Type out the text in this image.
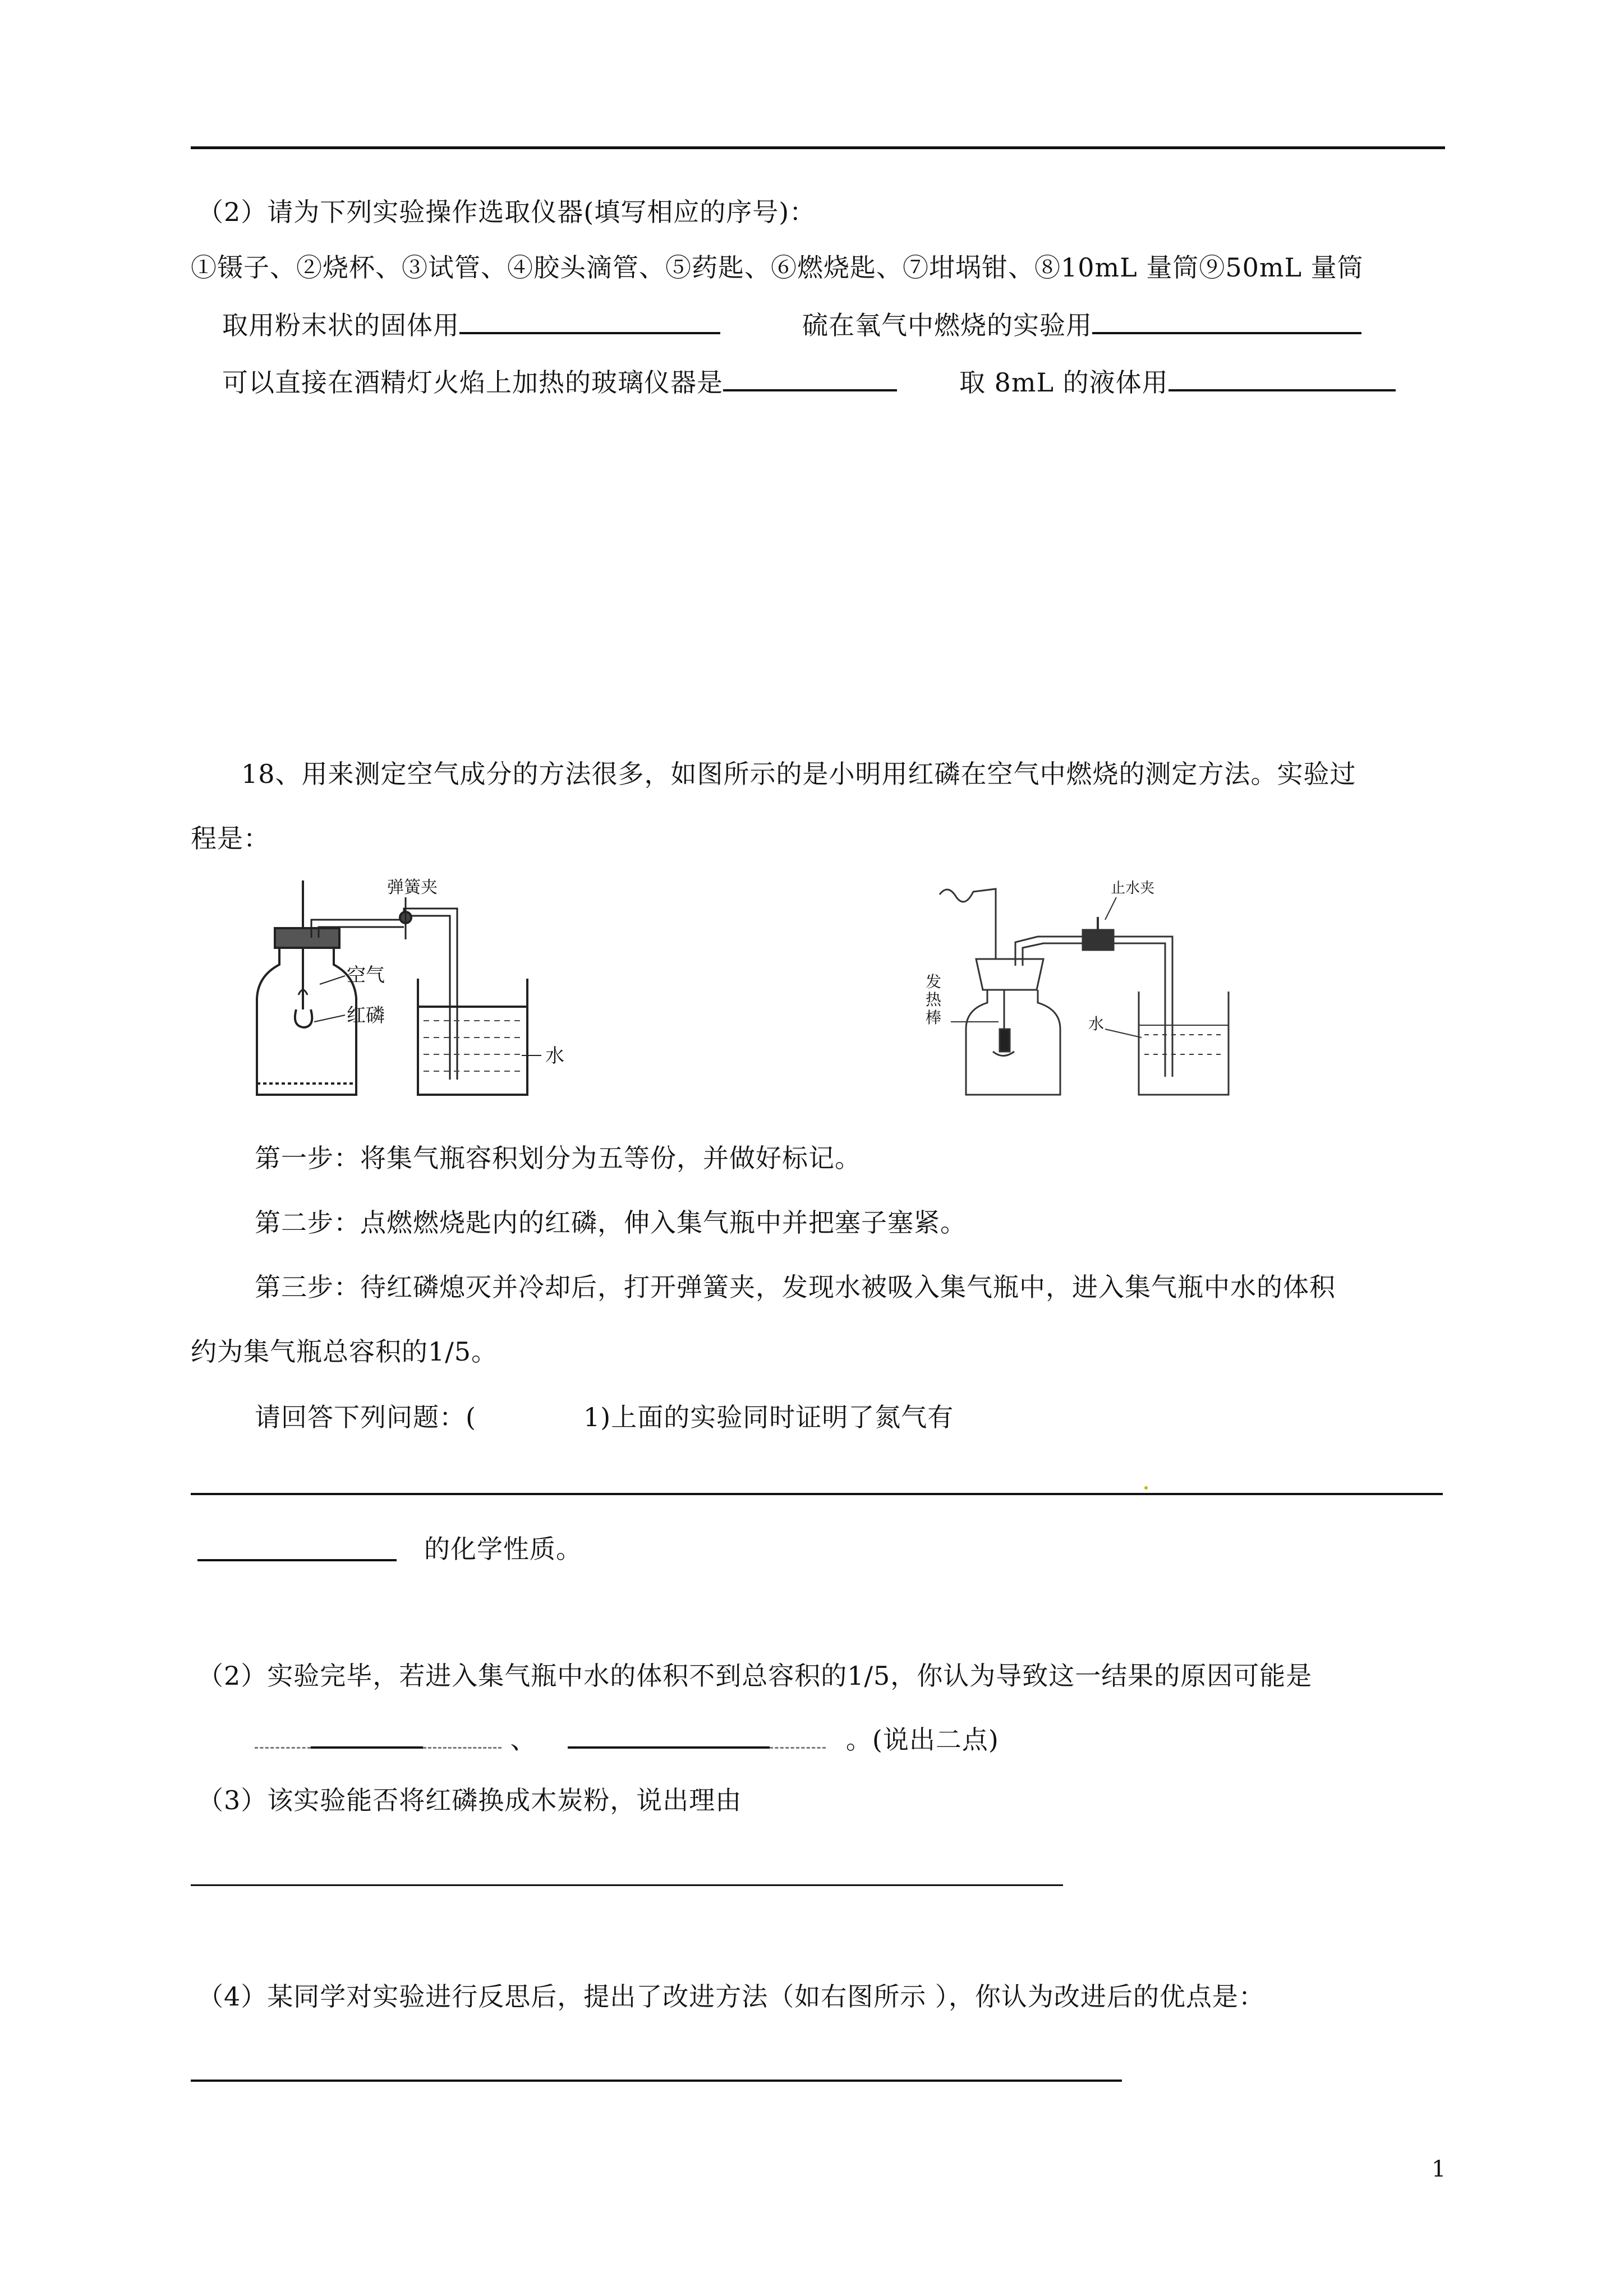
（2）请为下列实验操作选取仪器(填写相应的序号)：
①镊子、②烧杯、③试管、④胶头滴管、⑤药匙、⑥燃烧匙、⑦坩埚钳、⑧10mL 量筒⑨50mL 量筒
取用粉末状的固体用	硫在氧气中燃烧的实验用
可以直接在酒精灯火焰上加热的玻璃仪器是	取 8mL 的液体用
18、用来测定空气成分的方法很多，如图所示的是小明用红磷在空气中燃烧的测定方法。实验过
程是：
弹簧夹
空气
红磷
水
止水夹
发热棒	水
第一步：将集气瓶容积划分为五等份，并做好标记。
第二步：点燃燃烧匙内的红磷，伸入集气瓶中并把塞子塞紧。
第三步：待红磷熄灭并冷却后，打开弹簧夹，发现水被吸入集气瓶中，进入集气瓶中水的体积
约为集气瓶总容积的1/5。
请回答下列问题：(	1)上面的实验同时证明了氮气有
的化学性质。
（2）实验完毕，若进入集气瓶中水的体积不到总容积的1/5，你认为导致这一结果的原因可能是
、	。(说出二点)
（3）该实验能否将红磷换成木炭粉，说出理由
（4）某同学对实验进行反思后，提出了改进方法（如右图所示 ），你认为改进后的优点是：
1
